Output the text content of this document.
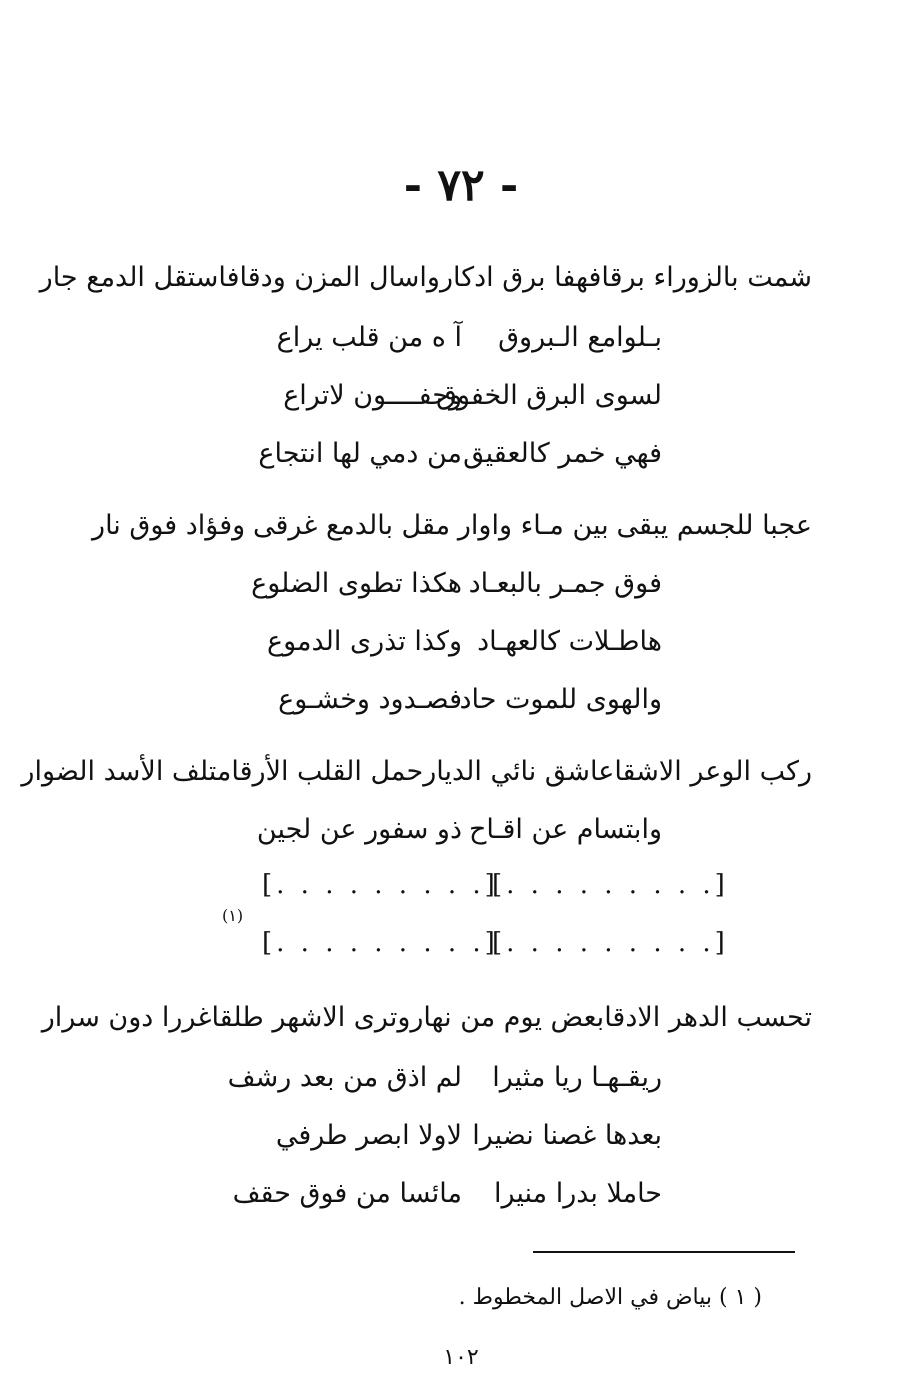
- ٧٢ -
شمت بالزوراء برقا
فهفا برق ادكار
واسال المزن ودقا
فاستقل الدمع جار
آ ه من قلب يراع	بـلوامع الـبروق
وجفــــون لاتراع
لسوى البرق الخفوق
من دمي لها انتجاع فهي خمر كالعقيق
عجبا للجسم يبقى
بين مـاء واوار
مقل بالدمع غرقى
وفؤاد فوق نار
هكذا تطوى الضلوع فوق جمـر بالبعـاد
وكذا تذرى الدموع هاطـلات كالعهـاد
فصـدود وخشـوع
والهوى للموت حاد
ركب الوعر الاشقا
عاشق نائي الديار
حمل القلب الأرقا
متلف الأسد الضوار
ذو سفور عن لجين وابتسام عن اقـاح
[. . . . . . . . .]
[. . . . . . . . .]
(١)
[. . . . . . . . .]
[. . . . . . . . .]
تحسب الدهر الادقا
بعض يوم من نهار
وترى الاشهر طلقا
غررا دون سرار
لم اذق من بعد رشف	ريقـهـا ريا مثيرا
لاولا ابصر طرفي بعدها غصنا نضيرا
مائسا من فوق حقف	حاملا بدرا منيرا
( ١ ) بياض في الاصل المخطوط .
١٠٢
